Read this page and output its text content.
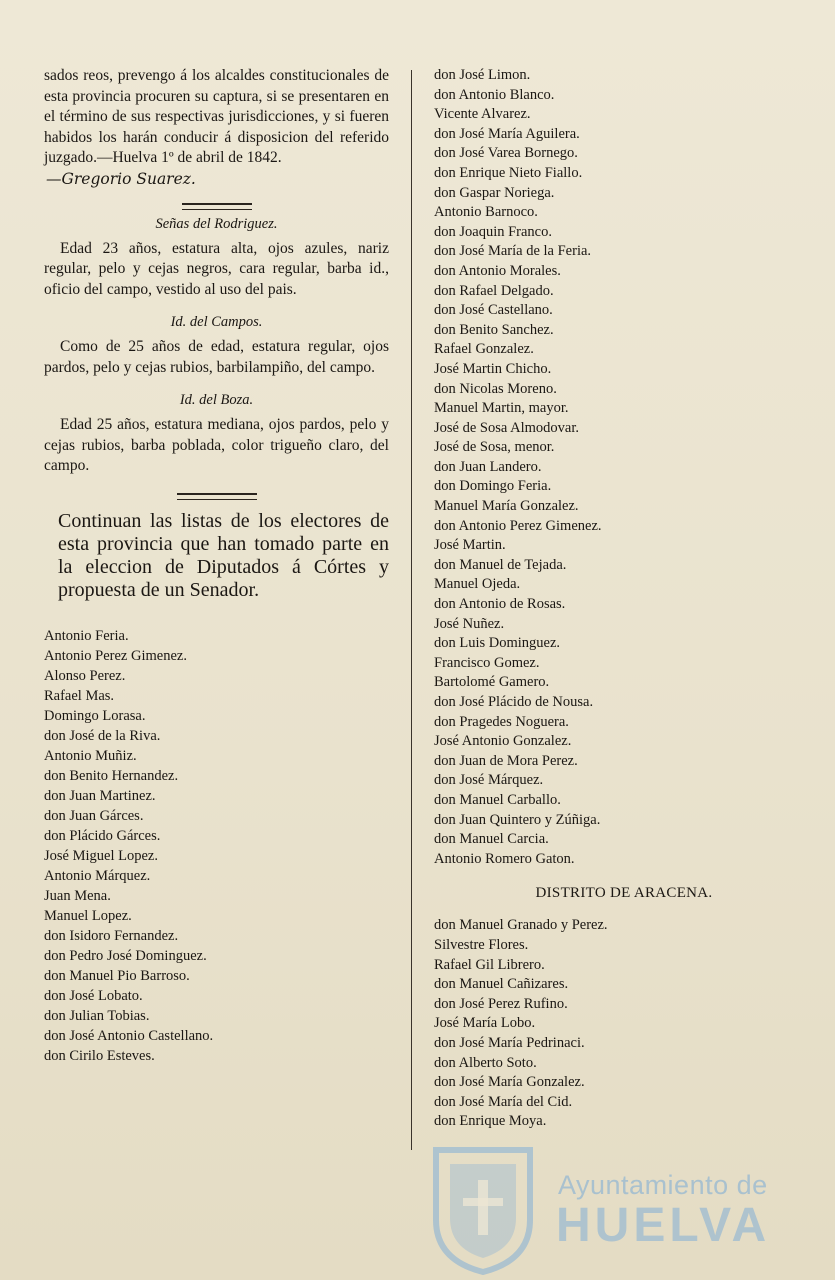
sados reos, prevengo á los alcaldes constitucionales de esta provincia procuren su captura, si se presentaren en el término de sus respectivas jurisdicciones, y si fueren habidos los harán conducir á disposicion del referido juzgado.—Huelva 1º de abril de 1842.

—Gregorio Suarez.

Señas del Rodriguez.

Edad 23 años, estatura alta, ojos azules, nariz regular, pelo y cejas negros, cara regular, barba id., oficio del campo, vestido al uso del pais.

Id. del Campos.

Como de 25 años de edad, estatura regular, ojos pardos, pelo y cejas rubios, barbilampiño, del campo.

Id. del Boza.

Edad 25 años, estatura mediana, ojos pardos, pelo y cejas rubios, barba poblada, color trigueño claro, del campo.

Continuan las listas de los electores de esta provincia que han tomado parte en la eleccion de Diputados á Córtes y propuesta de un Senador.
Antonio Feria.
Antonio Perez Gimenez.
Alonso Perez.
Rafael Mas.
Domingo Lorasa.
don José de la Riva.
Antonio Muñiz.
don Benito Hernandez.
don Juan Martinez.
don Juan Gárces.
don Plácido Gárces.
José Miguel Lopez.
Antonio Márquez.
Juan Mena.
Manuel Lopez.
don Isidoro Fernandez.
don Pedro José Dominguez.
don Manuel Pio Barroso.
don José Lobato.
don Julian Tobias.
don José Antonio Castellano.
don Cirilo Esteves.
don José Limon.
don Antonio Blanco.
Vicente Alvarez.
don José María Aguilera.
don José Varea Bornego.
don Enrique Nieto Fiallo.
don Gaspar Noriega.
Antonio Barnoco.
don Joaquin Franco.
don José María de la Feria.
don Antonio Morales.
don Rafael Delgado.
don José Castellano.
don Benito Sanchez.
Rafael Gonzalez.
José Martin Chicho.
don Nicolas Moreno.
Manuel Martin, mayor.
José de Sosa Almodovar.
José de Sosa, menor.
don Juan Landero.
don Domingo Feria.
Manuel María Gonzalez.
don Antonio Perez Gimenez.
José Martin.
don Manuel de Tejada.
Manuel Ojeda.
don Antonio de Rosas.
José Nuñez.
don Luis Dominguez.
Francisco Gomez.
Bartolomé Gamero.
don José Plácido de Nousa.
don Pragedes Noguera.
José Antonio Gonzalez.
don Juan de Mora Perez.
don José Márquez.
don Manuel Carballo.
don Juan Quintero y Zúñiga.
don Manuel Carcia.
Antonio Romero Gaton.
DISTRITO DE ARACENA.
don Manuel Granado y Perez.
Silvestre Flores.
Rafael Gil Librero.
don Manuel Cañizares.
don José Perez Rufino.
José María Lobo.
don José María Pedrinaci.
don Alberto Soto.
don José María Gonzalez.
don José María del Cid.
don Enrique Moya.
Ayuntamiento de
HUELVA
